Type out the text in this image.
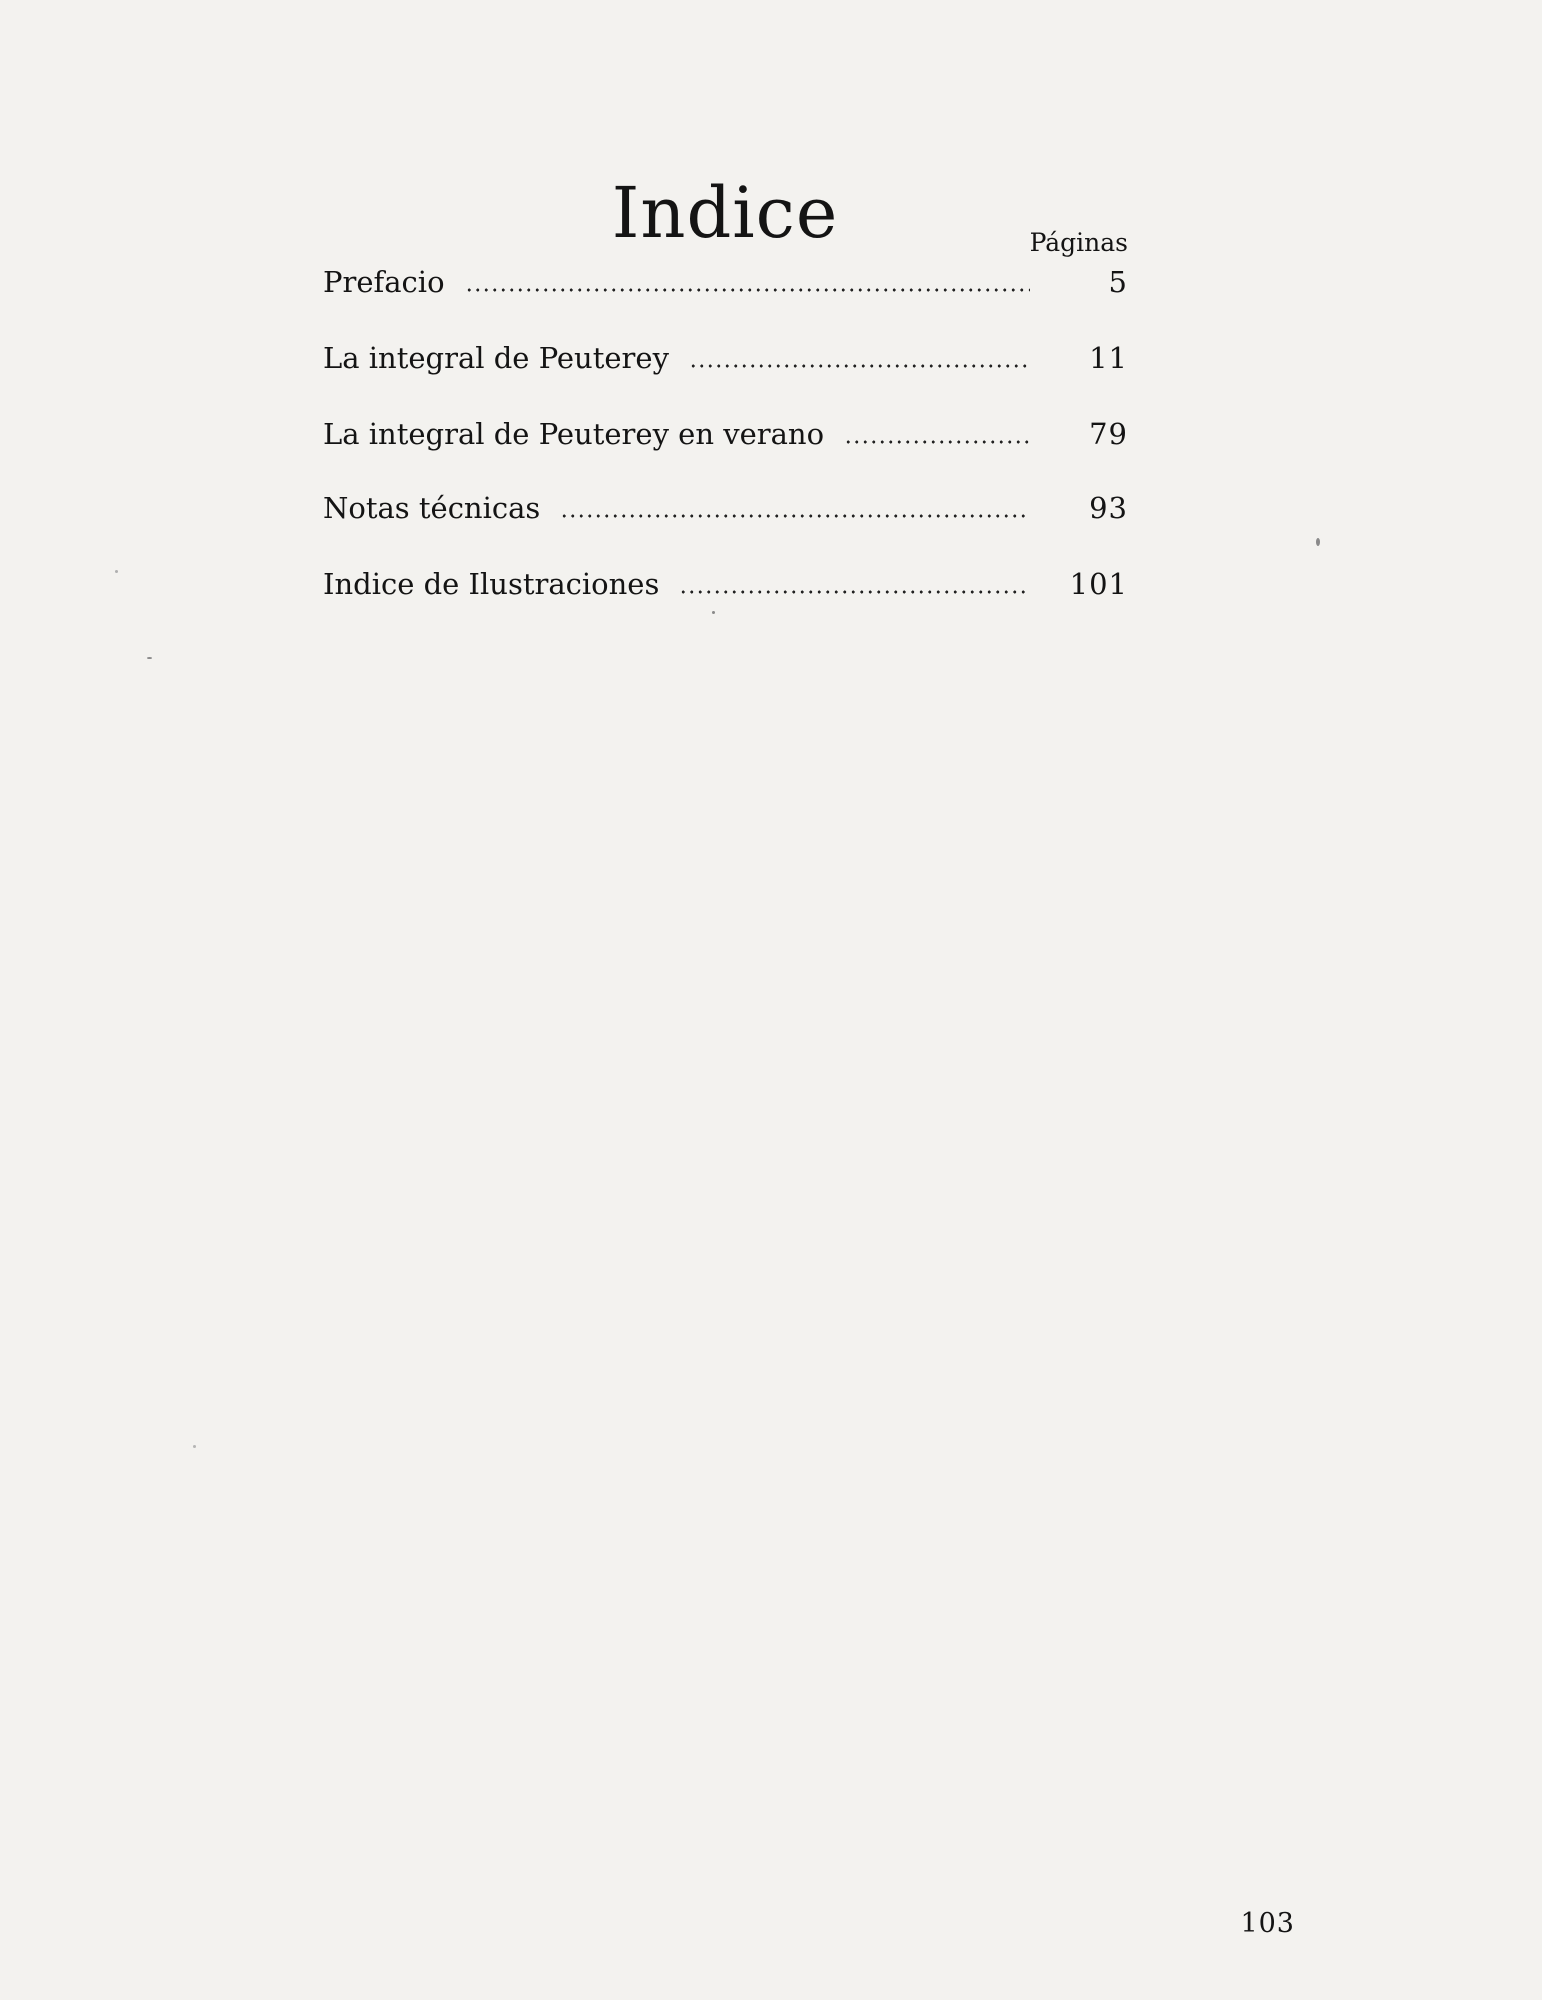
Indice	Páginas
Prefacio	5
La integral de Peuterey	11
La integral de Peuterey en verano	79
Notas técnicas	93
Indice de Ilustraciones	101
103
